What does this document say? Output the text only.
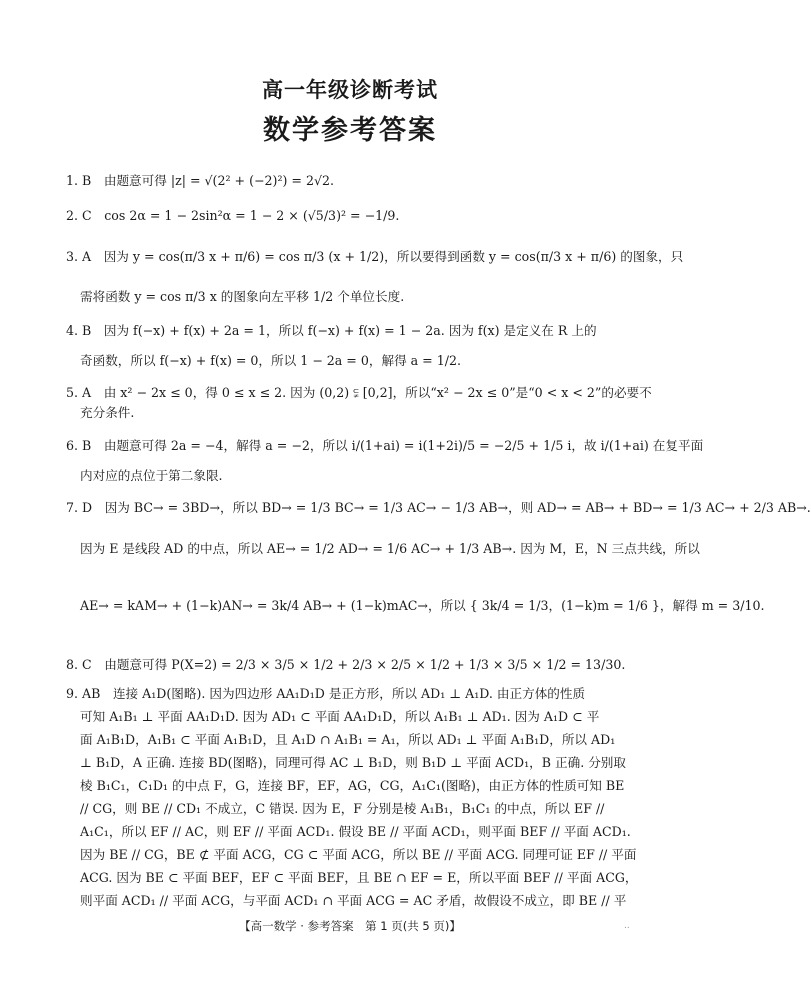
高一年级诊断考试
数学参考答案
1. B　由题意可得 |z| = √(2² + (−2)²) = 2√2.
2. C　cos 2α = 1 − 2sin²α = 1 − 2 × (√5/3)² = −1/9.
3. A　因为 y = cos(π/3 x + π/6) = cos π/3 (x + 1/2)，所以要得到函数 y = cos(π/3 x + π/6) 的图象，只
需将函数 y = cos π/3 x 的图象向左平移 1/2 个单位长度.
4. B　因为 f(−x) + f(x) + 2a = 1，所以 f(−x) + f(x) = 1 − 2a. 因为 f(x) 是定义在 R 上的
奇函数，所以 f(−x) + f(x) = 0，所以 1 − 2a = 0，解得 a = 1/2.
5. A　由 x² − 2x ≤ 0，得 0 ≤ x ≤ 2. 因为 (0,2) ⫋ [0,2]，所以“x² − 2x ≤ 0”是“0 < x < 2”的必要不
充分条件.
6. B　由题意可得 2a = −4，解得 a = −2，所以 i/(1+ai) = i(1+2i)/5 = −2/5 + 1/5 i，故 i/(1+ai) 在复平面
内对应的点位于第二象限.
7. D　因为 BC→ = 3BD→，所以 BD→ = 1/3 BC→ = 1/3 AC→ − 1/3 AB→，则 AD→ = AB→ + BD→ = 1/3 AC→ + 2/3 AB→.
因为 E 是线段 AD 的中点，所以 AE→ = 1/2 AD→ = 1/6 AC→ + 1/3 AB→. 因为 M，E，N 三点共线，所以
AE→ = kAM→ + (1−k)AN→ = 3k/4 AB→ + (1−k)mAC→，所以 { 3k/4 = 1/3，(1−k)m = 1/6 }，解得 m = 3/10.
8. C　由题意可得 P(X=2) = 2/3 × 3/5 × 1/2 + 2/3 × 2/5 × 1/2 + 1/3 × 3/5 × 1/2 = 13/30.
9. AB　连接 A₁D(图略). 因为四边形 AA₁D₁D 是正方形，所以 AD₁ ⊥ A₁D. 由正方体的性质
可知 A₁B₁ ⊥ 平面 AA₁D₁D. 因为 AD₁ ⊂ 平面 AA₁D₁D，所以 A₁B₁ ⊥ AD₁. 因为 A₁D ⊂ 平
面 A₁B₁D，A₁B₁ ⊂ 平面 A₁B₁D，且 A₁D ∩ A₁B₁ = A₁，所以 AD₁ ⊥ 平面 A₁B₁D，所以 AD₁
⊥ B₁D，A 正确. 连接 BD(图略)，同理可得 AC ⊥ B₁D，则 B₁D ⊥ 平面 ACD₁，B 正确. 分别取
棱 B₁C₁，C₁D₁ 的中点 F，G，连接 BF，EF，AG，CG，A₁C₁(图略)，由正方体的性质可知 BE
// CG，则 BE // CD₁ 不成立，C 错误. 因为 E，F 分别是棱 A₁B₁，B₁C₁ 的中点，所以 EF //
A₁C₁，所以 EF // AC，则 EF // 平面 ACD₁. 假设 BE // 平面 ACD₁，则平面 BEF // 平面 ACD₁.
因为 BE // CG，BE ⊄ 平面 ACG，CG ⊂ 平面 ACG，所以 BE // 平面 ACG. 同理可证 EF // 平面
ACG. 因为 BE ⊂ 平面 BEF，EF ⊂ 平面 BEF，且 BE ∩ EF = E，所以平面 BEF // 平面 ACG，
则平面 ACD₁ // 平面 ACG，与平面 ACD₁ ∩ 平面 ACG = AC 矛盾，故假设不成立，即 BE // 平
【高一数学 · 参考答案　第 1 页(共 5 页)】	..
